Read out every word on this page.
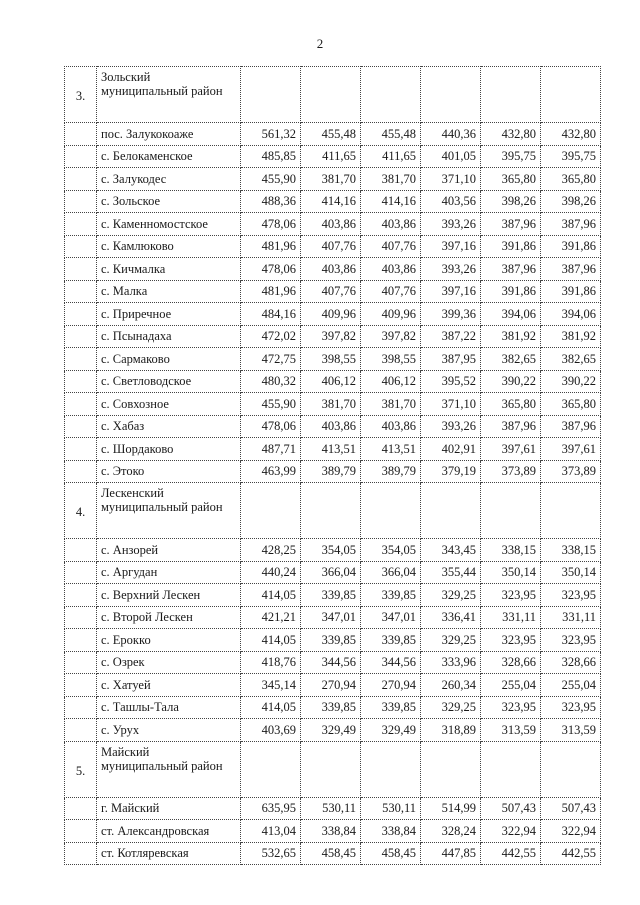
2
3.	Зольский муниципальный район						
	пос. Залукокоаже	561,32	455,48	455,48	440,36	432,80	432,80
	с. Белокаменское	485,85	411,65	411,65	401,05	395,75	395,75
	с. Залукодес	455,90	381,70	381,70	371,10	365,80	365,80
	с. Зольское	488,36	414,16	414,16	403,56	398,26	398,26
	с. Каменномостское	478,06	403,86	403,86	393,26	387,96	387,96
	с. Камлюково	481,96	407,76	407,76	397,16	391,86	391,86
	с. Кичмалка	478,06	403,86	403,86	393,26	387,96	387,96
	с. Малка	481,96	407,76	407,76	397,16	391,86	391,86
	с. Приречное	484,16	409,96	409,96	399,36	394,06	394,06
	с. Псынадаха	472,02	397,82	397,82	387,22	381,92	381,92
	с. Сармаково	472,75	398,55	398,55	387,95	382,65	382,65
	с. Светловодское	480,32	406,12	406,12	395,52	390,22	390,22
	с. Совхозное	455,90	381,70	381,70	371,10	365,80	365,80
	с. Хабаз	478,06	403,86	403,86	393,26	387,96	387,96
	с. Шордаково	487,71	413,51	413,51	402,91	397,61	397,61
	с. Этоко	463,99	389,79	389,79	379,19	373,89	373,89
4.	Лескенский муниципальный район						
	с. Анзорей	428,25	354,05	354,05	343,45	338,15	338,15
	с. Аргудан	440,24	366,04	366,04	355,44	350,14	350,14
	с. Верхний Лескен	414,05	339,85	339,85	329,25	323,95	323,95
	с. Второй Лескен	421,21	347,01	347,01	336,41	331,11	331,11
	с. Ерокко	414,05	339,85	339,85	329,25	323,95	323,95
	с. Озрек	418,76	344,56	344,56	333,96	328,66	328,66
	с. Хатуей	345,14	270,94	270,94	260,34	255,04	255,04
	с. Ташлы-Тала	414,05	339,85	339,85	329,25	323,95	323,95
	с. Урух	403,69	329,49	329,49	318,89	313,59	313,59
5.	Майский муниципальный район						
	г. Майский	635,95	530,11	530,11	514,99	507,43	507,43
	ст. Александровская	413,04	338,84	338,84	328,24	322,94	322,94
	ст. Котляревская	532,65	458,45	458,45	447,85	442,55	442,55
